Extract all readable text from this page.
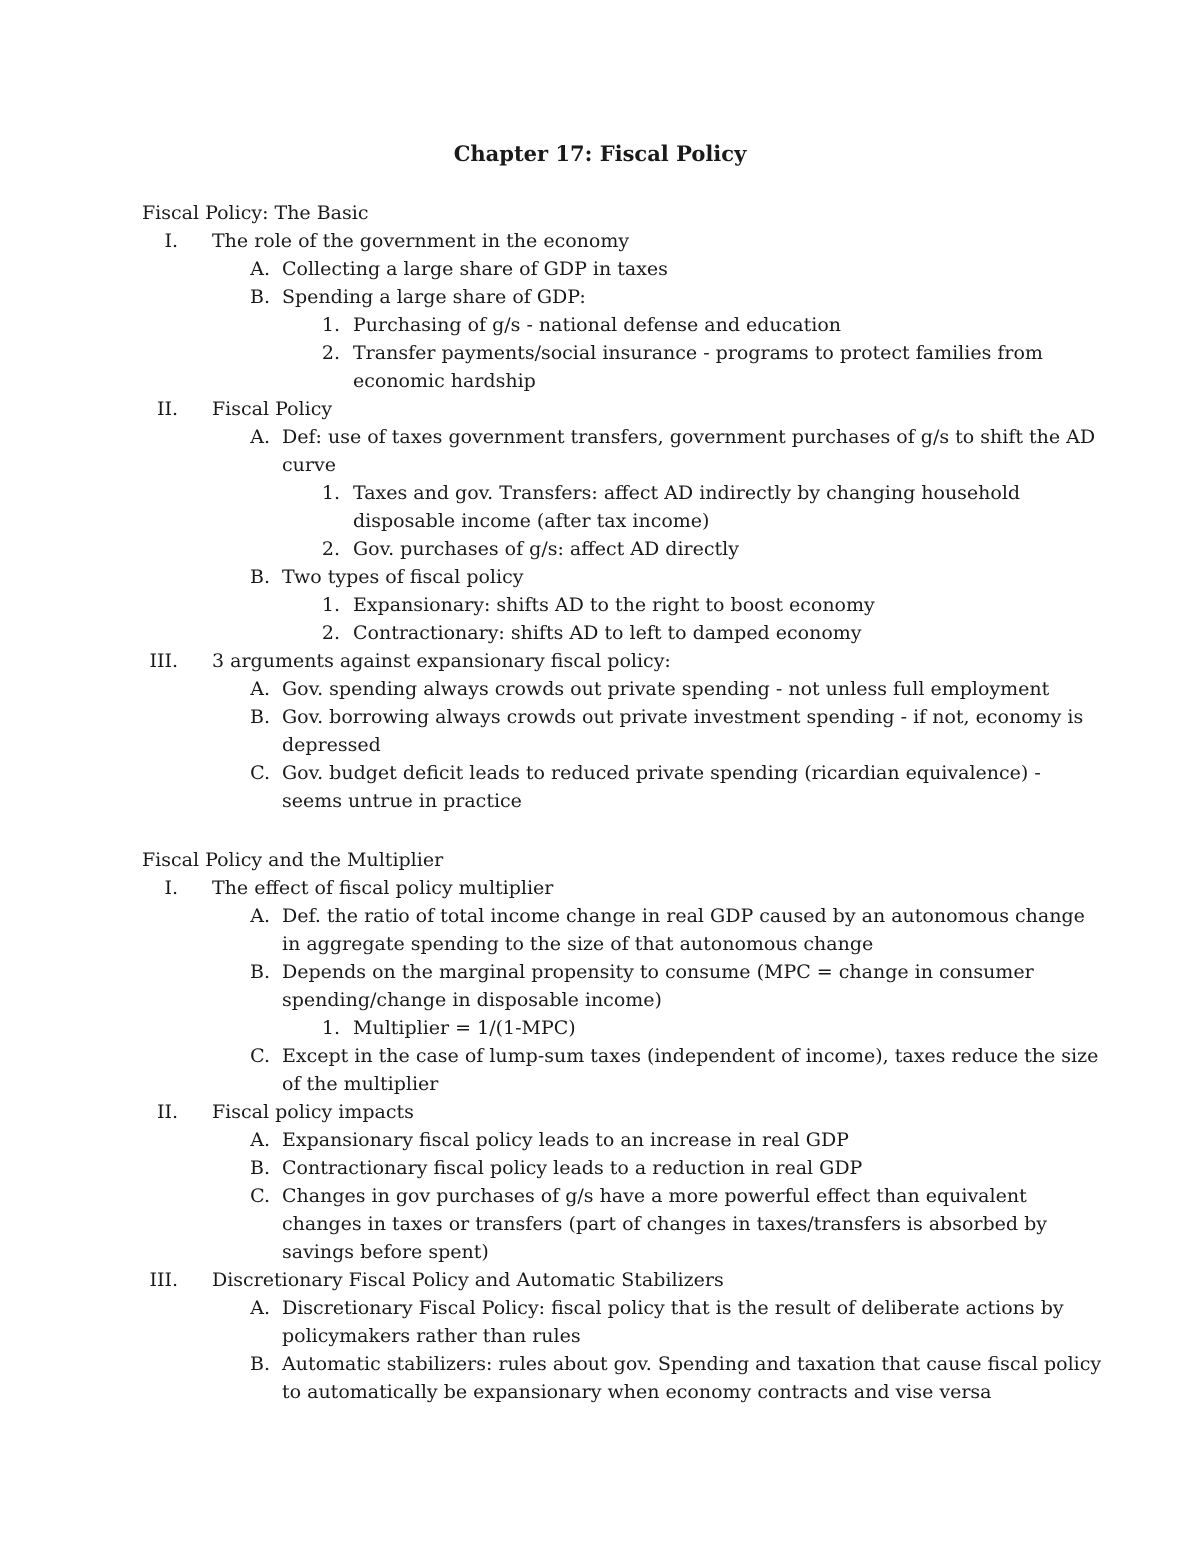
Chapter 17: Fiscal Policy
Fiscal Policy: The Basic
I. The role of the government in the economy
A. Collecting a large share of GDP in taxes
B. Spending a large share of GDP:
1. Purchasing of g/s - national defense and education
2. Transfer payments/social insurance - programs to protect families from economic hardship
II. Fiscal Policy
A. Def: use of taxes government transfers, government purchases of g/s to shift the AD curve
1. Taxes and gov. Transfers: affect AD indirectly by changing household disposable income (after tax income)
2. Gov. purchases of g/s: affect AD directly
B. Two types of fiscal policy
1. Expansionary: shifts AD to the right to boost economy
2. Contractionary: shifts AD to left to damped economy
III. 3 arguments against expansionary fiscal policy:
A. Gov. spending always crowds out private spending - not unless full employment
B. Gov. borrowing always crowds out private investment spending - if not, economy is depressed
C. Gov. budget deficit leads to reduced private spending (ricardian equivalence) - seems untrue in practice
Fiscal Policy and the Multiplier
I. The effect of fiscal policy multiplier
A. Def. the ratio of total income change in real GDP caused by an autonomous change in aggregate spending to the size of that autonomous change
B. Depends on the marginal propensity to consume (MPC = change in consumer spending/change in disposable income)
1. Multiplier = 1/(1-MPC)
C. Except in the case of lump-sum taxes (independent of income), taxes reduce the size of the multiplier
II. Fiscal policy impacts
A. Expansionary fiscal policy leads to an increase in real GDP
B. Contractionary fiscal policy leads to a reduction in real GDP
C. Changes in gov purchases of g/s have a more powerful effect than equivalent changes in taxes or transfers (part of changes in taxes/transfers is absorbed by savings before spent)
III. Discretionary Fiscal Policy and Automatic Stabilizers
A. Discretionary Fiscal Policy: fiscal policy that is the result of deliberate actions by policymakers rather than rules
B. Automatic stabilizers: rules about gov. Spending and taxation that cause fiscal policy to automatically be expansionary when economy contracts and vise versa
